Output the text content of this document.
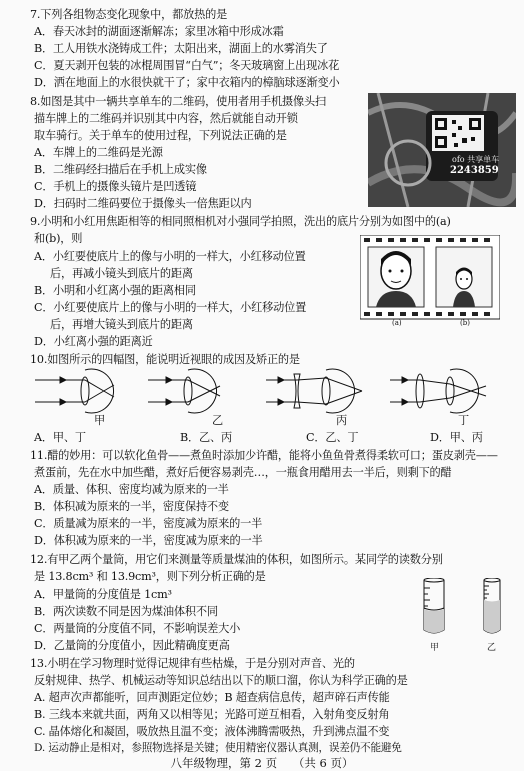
7.下列各组物态变化现象中，都放热的是
A．春天冰封的湖面逐渐解冻；家里冰箱中形成冰霜
B．工人用铁水浇铸成工件；太阳出来，湖面上的水雾消失了
C．夏天剥开包装的冰棍周围冒“白气”；冬天玻璃窗上出现冰花
D．洒在地面上的水很快就干了；家中衣箱内的樟脑球逐渐变小
8.如图是其中一辆共享单车的二维码，使用者用手机摄像头扫
描车牌上的二维码并识别其中内容，然后就能自动开锁
取车骑行。关于单车的使用过程，下列说法正确的是
A．车牌上的二维码是光源
B．二维码经扫描后在手机上成实像
C．手机上的摄像头镜片是凹透镜
D．扫码时二维码要位于摄像头一倍焦距以内
ofo 共享单车
2243859
9.小明和小红用焦距相等的相同照相机对小强同学拍照，洗出的底片分别为如图中的(a)
和(b)，则
A．小红要使底片上的像与小明的一样大，小红移动位置
后，再减小镜头到底片的距离
B．小明和小红离小强的距离相同
C．小红要使底片上的像与小明的一样大，小红移动位置
后，再增大镜头到底片的距离
D．小红离小强的距离近
(a)	(b)
10.如图所示的四幅图，能说明近视眼的成因及矫正的是
甲	乙	丙	丁
A．甲、丁	B．乙、丙	C．乙、丁	D．甲、丙
11.醋的妙用：可以软化鱼骨——煮鱼时添加少许醋，能将小鱼鱼骨煮得柔软可口；蛋皮剥壳——
煮蛋前，先在水中加些醋，煮好后便容易剥壳…，一瓶食用醋用去一半后，则剩下的醋
A．质量、体积、密度均减为原来的一半
B．体积减为原来的一半，密度保持不变
C．质量减为原来的一半，密度减为原来的一半
D．体积减为原来的一半，密度减为原来的一半
12.有甲乙两个量筒，用它们来测量等质量煤油的体积，如图所示。某同学的读数分别
是 13.8cm³ 和 13.9cm³，则下列分析正确的是
A．甲量筒的分度值是 1cm³
B．两次读数不同是因为煤油体积不同
C．两量筒的分度值不同，不影响误差大小
D．乙量筒的分度值小，因此精确度更高	甲	乙
13.小明在学习物理时觉得记规律有些枯燥，于是分别对声音、光的
反射规律、热学、机械运动等知识总结出以下的顺口溜，你认为科学正确的是
A. 超声次声都能听，回声测距定位妙；B 超查病信息传，超声碎石声传能
B. 三线本来就共面，两角又以相等见；光路可逆互相看，入射角变反射角
C. 晶体熔化和凝固，吸放热且温不变；液体沸腾需吸热，升到沸点温不变
D. 运动静止是相对，参照物选择是关键；使用精密仪器认真测，误差仍不能避免
八年级物理，第 2 页 （共 6 页）
